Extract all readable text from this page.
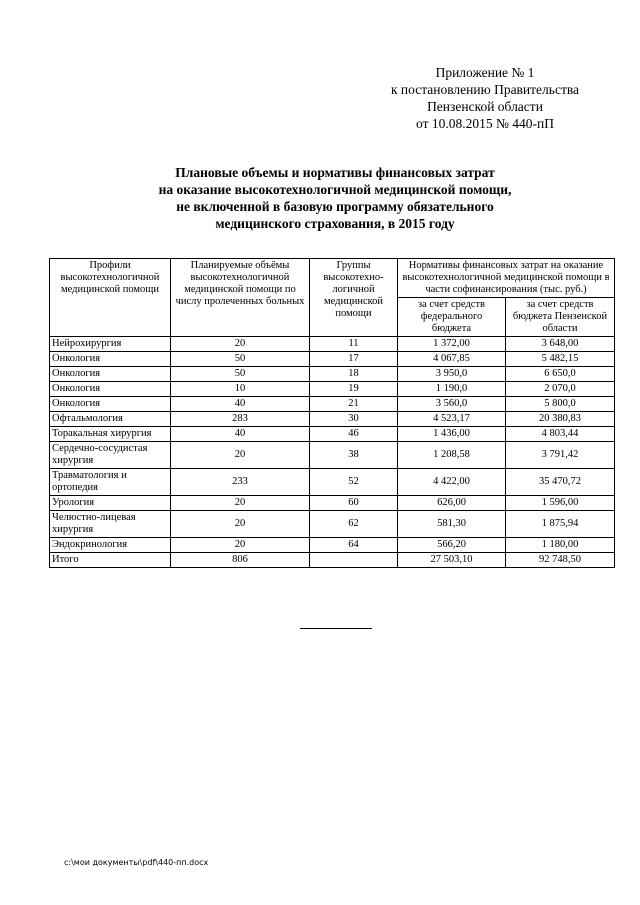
Приложение № 1
к постановлению Правительства
Пензенской области
от 10.08.2015 № 440-пП
Плановые объемы и нормативы финансовых затрат
на оказание высокотехнологичной медицинской помощи,
не включенной в базовую программу обязательного
медицинского страхования, в 2015 году
Профили высокотехнологичной медицинской помощи	Планируемые объёмы высокотехнологичной медицинской помощи по числу пролеченных больных	Группы высокотехно-логичной медицинской помощи	Нормативы финансовых затрат на оказание высокотехнологичной медицинской помощи в части софинансирования (тыс. руб.)	
			за счет средств федерального бюджета	за счет средств бюджета Пензенской области
Нейрохирургия	20	11	1 372,00	3 648,00
Онкология	50	17	4 067,85	5 482,15
Онкология	50	18	3 950,0	6 650,0
Онкология	10	19	1 190,0	2 070,0
Онкология	40	21	3 560,0	5 800,0
Офтальмология	283	30	4 523,17	20 380,83
Торакальная хирургия	40	46	1 436,00	4 803,44
Сердечно-сосудистая хирургия	20	38	1 208,58	3 791,42
Травматология и ортопедия	233	52	4 422,00	35 470,72
Урология	20	60	626,00	1 596,00
Челюстно-лицевая хирургия	20	62	581,30	1 875,94
Эндокринология	20	64	566,20	1 180,00
Итого	806		27 503,10	92 748,50
c:\мои документы\pdf\440-пп.docx
